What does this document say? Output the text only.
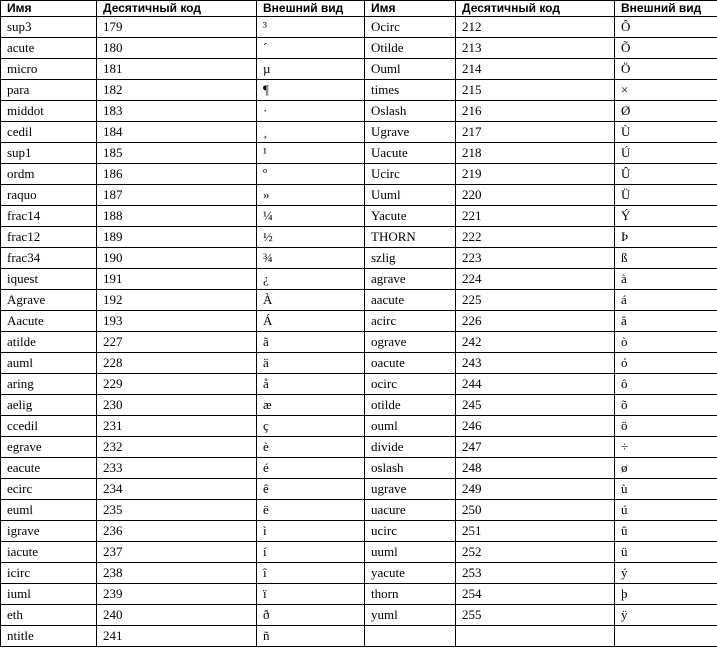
Имя	Десятичный код	Внешний вид	Имя	Десятичный код	Внешний вид
sup3	179	³	Ocirc	212	Ô
acute	180	´	Otilde	213	Õ
micro	181	µ	Ouml	214	Ö
para	182	¶	times	215	×
middot	183	·	Oslash	216	Ø
cedil	184	¸	Ugrave	217	Ù
sup1	185	¹	Uacute	218	Ú
ordm	186	º	Ucirc	219	Û
raquo	187	»	Uuml	220	Ü
frac14	188	¼	Yacute	221	Ý
frac12	189	½	THORN	222	Þ
frac34	190	¾	szlig	223	ß
iquest	191	¿	agrave	224	à
Agrave	192	À	aacute	225	á
Aacute	193	Á	acirc	226	â
atilde	227	ã	ograve	242	ò
auml	228	ä	oacute	243	ó
aring	229	å	ocirc	244	ô
aelig	230	æ	otilde	245	õ
ccedil	231	ç	ouml	246	ö
egrave	232	è	divide	247	÷
eacute	233	é	oslash	248	ø
ecirc	234	ê	ugrave	249	ù
euml	235	ë	uacure	250	ú
igrave	236	ì	ucirc	251	û
iacute	237	í	uuml	252	ü
icirc	238	î	yacute	253	ý
iuml	239	ï	thorn	254	þ
eth	240	ð	yuml	255	ÿ
ntitle	241	ñ			
